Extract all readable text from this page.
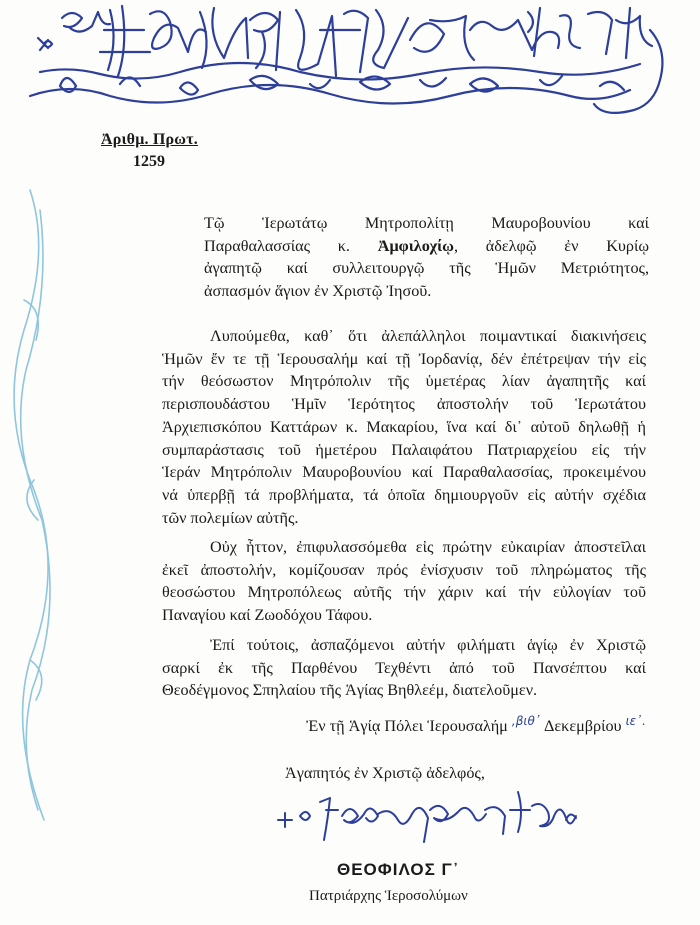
Ἀριθμ. Πρωτ.
1259
Τῷ Ἱερωτάτῳ Μητροπολίτῃ Μαυροβουνίου καί
Παραθαλασσίας κ. Ἀμφιλοχίῳ, ἀδελφῷ ἐν Κυρίῳ
ἀγαπητῷ καί συλλειτουργῷ τῆς Ἡμῶν Μετριότητος,
ἀσπασμόν ἅγιον ἐν Χριστῷ Ἰησοῦ.
Λυπούμεθα, καθ᾽ ὅτι ἀλεπάλληλοι ποιμαντικαί διακινήσεις
Ἡμῶν ἔν τε τῇ Ἱερουσαλήμ καί τῇ Ἰορδανίᾳ, δέν ἐπέτρεψαν τήν εἰς
τήν θεόσωστον Μητρόπολιν τῆς ὑμετέρας λίαν ἀγαπητῆς καί
περισπουδάστου Ἡμῖν Ἱερότητος ἀποστολήν τοῦ Ἱερωτάτου
Ἀρχιεπισκόπου Καττάρων κ. Μακαρίου, ἵνα καί δι᾽ αὐτοῦ δηλωθῇ ἡ
συμπαράστασις τοῦ ἡμετέρου Παλαιφάτου Πατριαρχείου εἰς τήν
Ἱεράν Μητρόπολιν Μαυροβουνίου καί Παραθαλασσίας, προκειμένου
νά ὑπερβῇ τά προβλήματα, τά ὁποῖα δημιουργοῦν εἰς αὐτήν σχέδια
τῶν πολεμίων αὐτῆς.
Οὐχ ἧττον, ἐπιφυλασσόμεθα εἰς πρώτην εὐκαιρίαν ἀποστεῖλαι
ἐκεῖ ἀποστολήν, κομίζουσαν πρός ἐνίσχυσιν τοῦ πληρώματος τῆς
θεοσώστου Μητροπόλεως αὐτῆς τήν χάριν καί τήν εὐλογίαν τοῦ
Παναγίου καί Ζωοδόχου Τάφου.
Ἐπί τούτοις, ἀσπαζόμενοι αὐτήν φιλήματι ἁγίῳ ἐν Χριστῷ
σαρκί ἐκ τῆς Παρθένου Τεχθέντι ἀπό τοῦ Πανσέπτου καί
Θεοδέγμονος Σπηλαίου τῆς Ἁγίας Βηθλεέμ, διατελοῦμεν.
Ἐν τῇ Ἁγίᾳ Πόλει Ἱερουσαλήμ $^{,\beta\iota\theta᾽}$ Δεκεμβρίου $^{\iota\varepsilon᾽.}$
Ἀγαπητός ἐν Χριστῷ ἀδελφός,
ΘΕΟΦΙΛΟΣ Γ᾽
Πατριάρχης Ἱεροσολύμων
